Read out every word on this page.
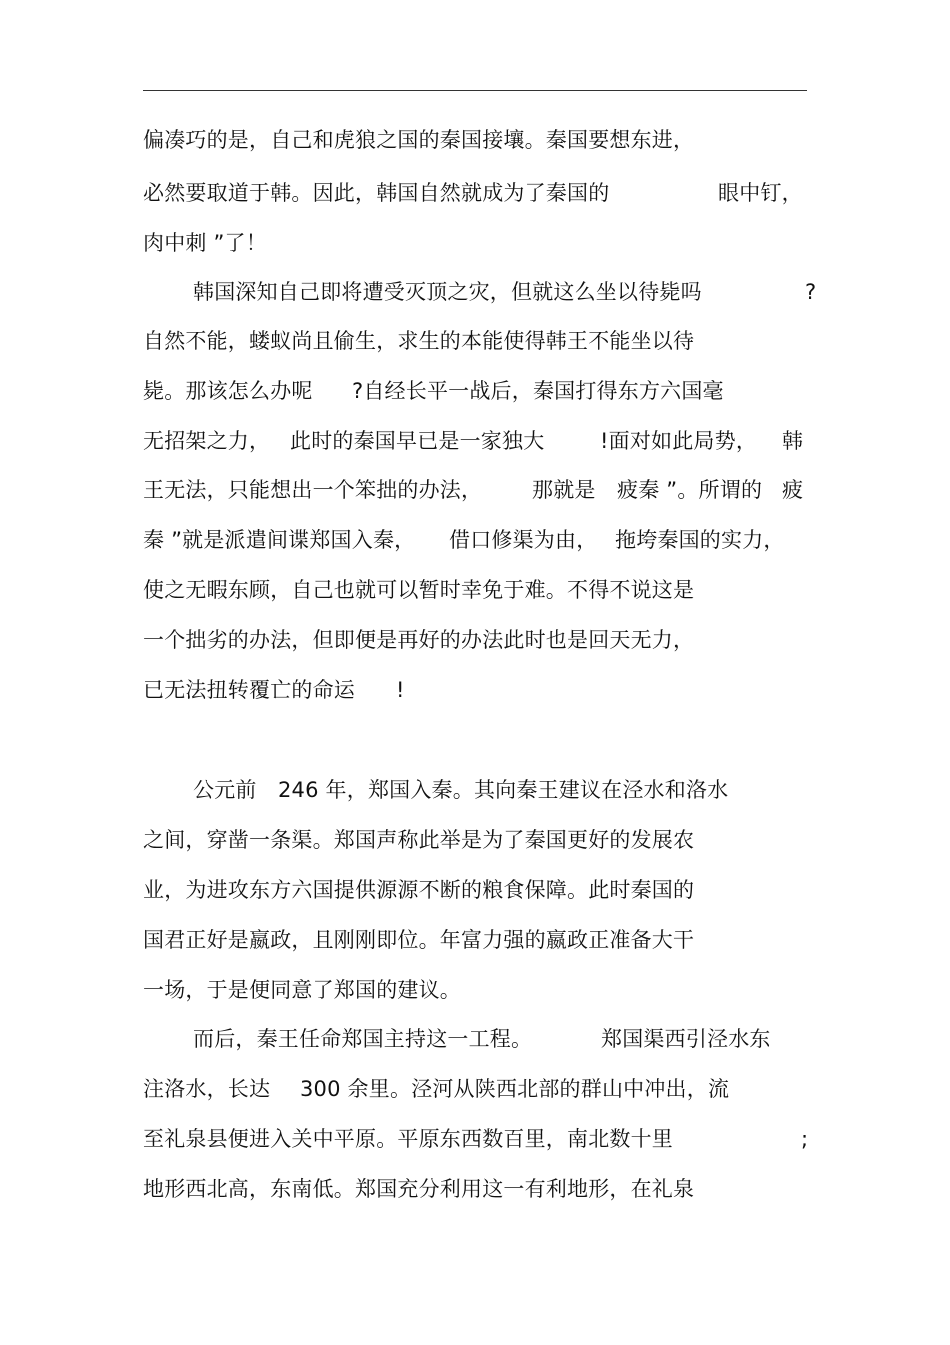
偏凑巧的是，自己和虎狼之国的秦国接壤。秦国要想东进，
必然要取道于韩。因此，韩国自然就成为了秦国的	眼中钉，
肉中刺 ”了！
韩国深知自己即将遭受灭顶之灾，但就这么坐以待毙吗	?
自然不能，蝼蚁尚且偷生，求生的本能使得韩王不能坐以待
毙。那该怎么办呢 ?自经长平一战后，秦国打得东方六国毫
无招架之力， 此时的秦国早已是一家独大	!面对如此局势， 韩
王无法，只能想出一个笨拙的办法， 那就是 疲秦 ”。所谓的 疲
秦 ”就是派遣间谍郑国入秦， 借口修渠为由， 拖垮秦国的实力，
使之无暇东顾，自己也就可以暂时幸免于难。不得不说这是
一个拙劣的办法，但即便是再好的办法此时也是回天无力，
已无法扭转覆亡的命运 !
公元前 246 年，郑国入秦。其向秦王建议在泾水和洛水
之间，穿凿一条渠。郑国声称此举是为了秦国更好的发展农
业，为进攻东方六国提供源源不断的粮食保障。此时秦国的
国君正好是嬴政，且刚刚即位。年富力强的嬴政正准备大干
一场，于是便同意了郑国的建议。
而后，秦王任命郑国主持这一工程。	郑国渠西引泾水东
注洛水，长达 300 余里。泾河从陕西北部的群山中冲出，流
至礼泉县便进入关中平原。平原东西数百里，南北数十里	;
地形西北高，东南低。郑国充分利用这一有利地形，在礼泉
